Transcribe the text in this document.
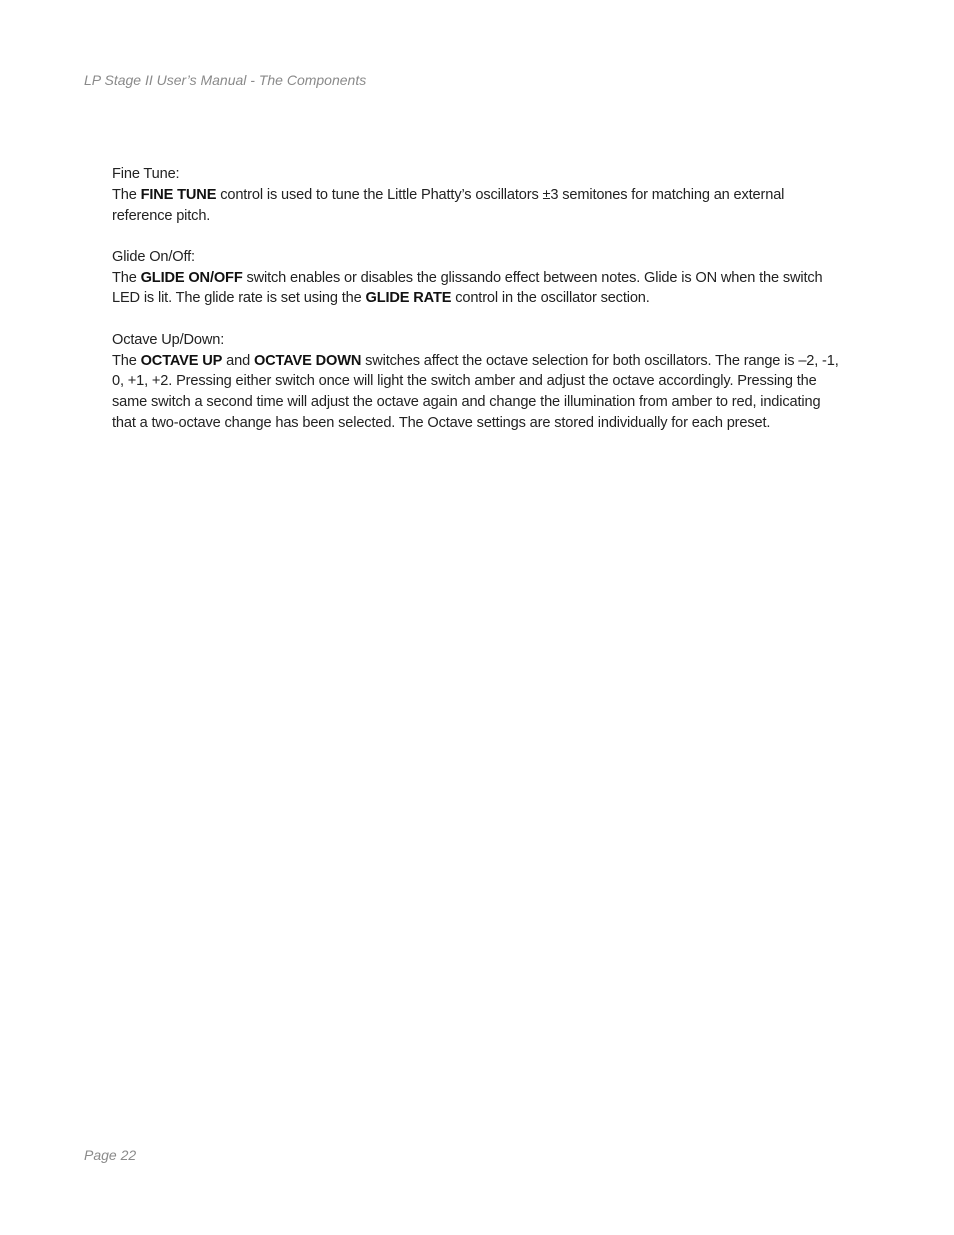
LP Stage II User’s Manual - The Components

Fine Tune:

The FINE TUNE control is used to tune the Little Phatty’s oscillators ±3 semitones for matching an external reference pitch.

Glide On/Off:

The GLIDE ON/OFF switch enables or disables the glissando effect between notes. Glide is ON when the switch LED is lit. The glide rate is set using the GLIDE RATE control in the oscillator section.

Octave Up/Down:

The OCTAVE UP and OCTAVE DOWN switches affect the octave selection for both oscillators. The range is –2, -1, 0, +1, +2. Pressing either switch once will light the switch amber and adjust the octave accordingly. Pressing the same switch a second time will adjust the octave again and change the illumination from amber to red, indicating that a two-octave change has been selected. The Octave settings are stored individually for each preset.

Page 22
